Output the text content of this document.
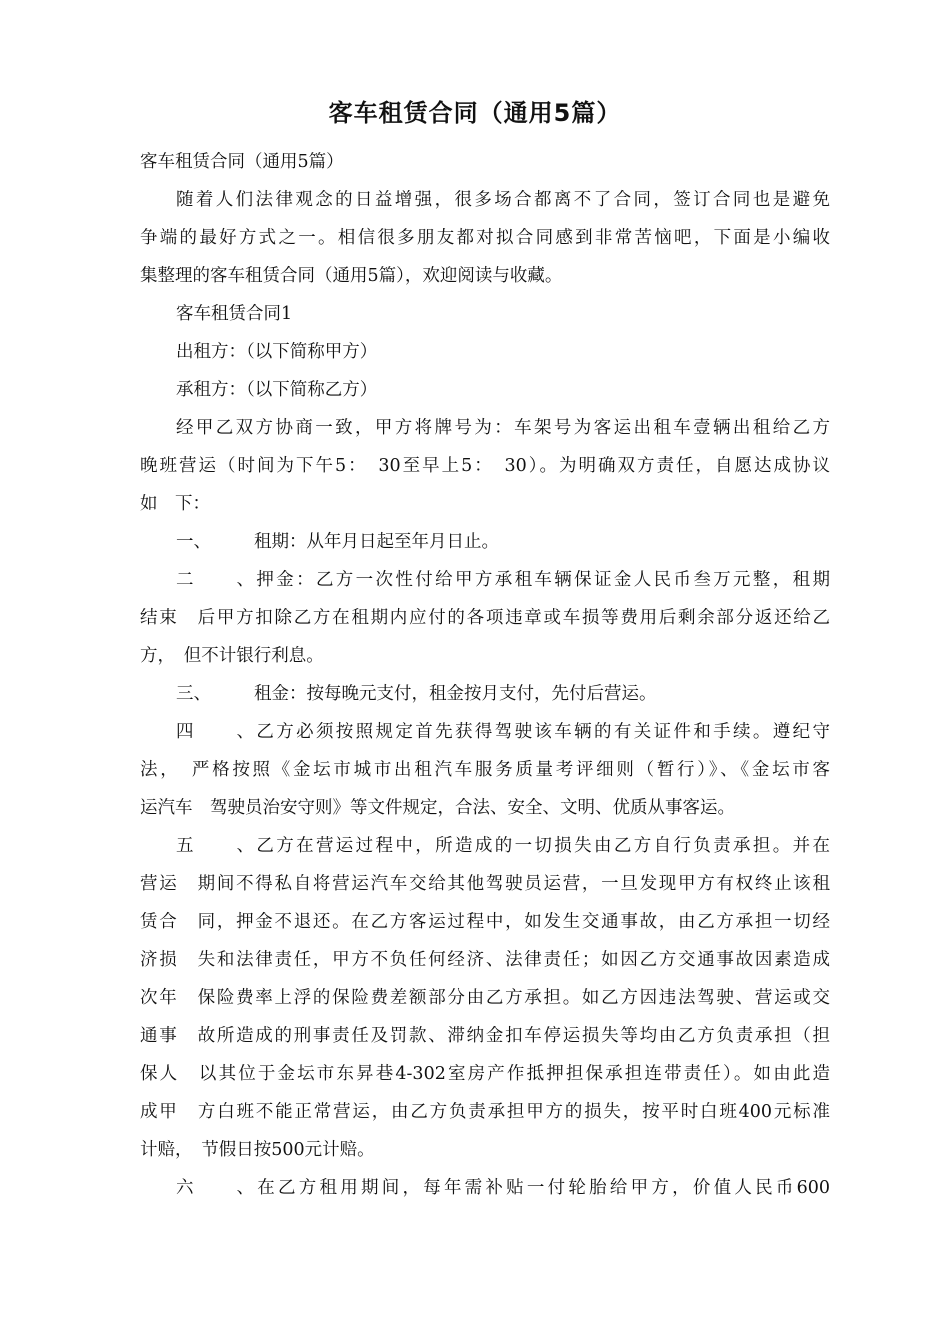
客车租赁合同（通用5篇）
客车租赁合同（通用5篇）
随着人们法律观念的日益增强，很多场合都离不了合同，签订合同也是避免
争端的最好方式之一。相信很多朋友都对拟合同感到非常苦恼吧，下面是小编收
集整理的客车租赁合同（通用5篇），欢迎阅读与收藏。
客车租赁合同1
出租方：（以下简称甲方）
承租方：（以下简称乙方）
经甲乙双方协商一致，甲方将牌号为：车架号为客运出租车壹辆出租给乙方
晚班营运（时间为下午5：　30至早上5：　30）。为明确双方责任，自愿达成协议
如　下：
一、 租期：从年月日起至年月日止。
二、押金：乙方一次性付给甲方承租车辆保证金人民币叁万元整，租期
结束　后甲方扣除乙方在租期内应付的各项违章或车损等费用后剩余部分返还给乙
方，　但不计银行利息。
三、 租金：按每晚元支付，租金按月支付，先付后营运。
四、乙方必须按照规定首先获得驾驶该车辆的有关证件和手续。遵纪守
法，　严格按照《金坛市城市出租汽车服务质量考评细则（暂行）》、《金坛市客
运汽车　驾驶员治安守则》等文件规定，合法、安全、文明、优质从事客运。
五、乙方在营运过程中，所造成的一切损失由乙方自行负责承担。并在
营运　期间不得私自将营运汽车交给其他驾驶员运营，一旦发现甲方有权终止该租
赁合　同，押金不退还。在乙方客运过程中，如发生交通事故，由乙方承担一切经
济损　失和法律责任，甲方不负任何经济、法律责任；如因乙方交通事故因素造成
次年　保险费率上浮的保险费差额部分由乙方承担。如乙方因违法驾驶、营运或交
通事　故所造成的刑事责任及罚款、滞纳金扣车停运损失等均由乙方负责承担（担
保人　以其位于金坛市东昇巷4-302室房产作抵押担保承担连带责任）。如由此造
成甲　方白班不能正常营运，由乙方负责承担甲方的损失，按平时白班400元标准
计赔，　节假日按500元计赔。
六、在乙方租用期间，每年需补贴一付轮胎给甲方，价值人民币600
